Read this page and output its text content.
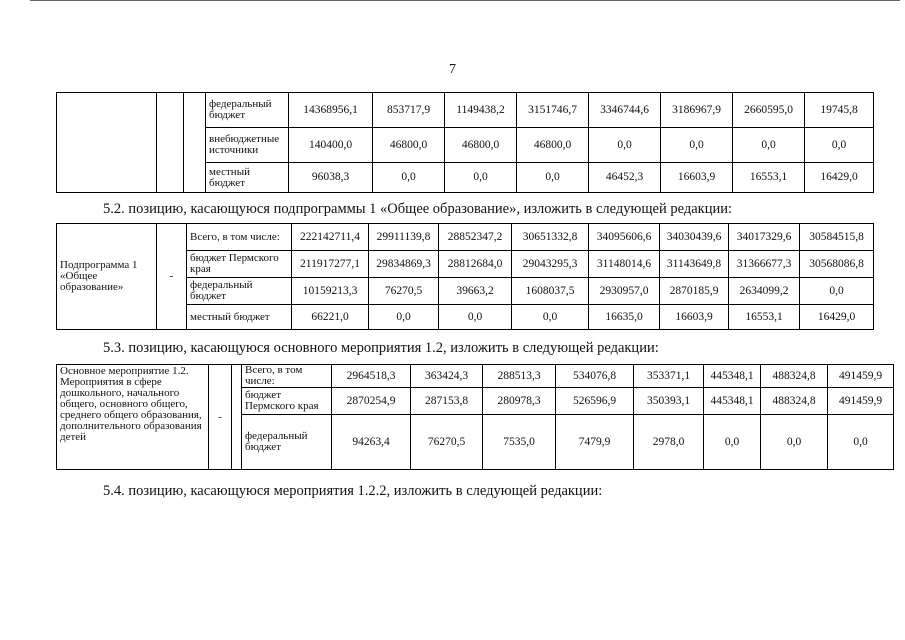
7
			федеральный бюджет	14368956,1	853717,9	1149438,2	3151746,7	3346744,6	3186967,9	2660595,0	19745,8
			внебюджетные источники	140400,0	46800,0	46800,0	46800,0	0,0	0,0	0,0	0,0
			местный бюджет	96038,3	0,0	0,0	0,0	46452,3	16603,9	16553,1	16429,0
5.2. позицию, касающуюся подпрограммы 1 «Общее образование», изложить в следующей редакции:
Подпрограмма 1 «Общее образование»	-		Всего, в том числе:	222142711,4	29911139,8	28852347,2	30651332,8	34095606,6	34030439,6	34017329,6	30584515,8
		бюджет Пермского края	211917277,1	29834869,3	28812684,0	29043295,3	31148014,6	31143649,8	31366677,3	30568086,8
		федеральный бюджет	10159213,3	76270,5	39663,2	1608037,5	2930957,0	2870185,9	2634099,2	0,0
		местный бюджет	66221,0	0,0	0,0	0,0	16635,0	16603,9	16553,1	16429,0
5.3. позицию, касающуюся основного мероприятия 1.2, изложить в следующей редакции:
Основное мероприятие 1.2. Мероприятия в сфере дошкольного, начального общего, основного общего, среднего общего образования, дополнительного образования детей	-		Всего, в том числе:	2964518,3	363424,3	288513,3	534076,8	353371,1	445348,1	488324,8	491459,9
			бюджет Пермского края	2870254,9	287153,8	280978,3	526596,9	350393,1	445348,1	488324,8	491459,9
			федеральный бюджет	94263,4	76270,5	7535,0	7479,9	2978,0	0,0	0,0	0,0
5.4. позицию, касающуюся мероприятия 1.2.2, изложить в следующей редакции:
